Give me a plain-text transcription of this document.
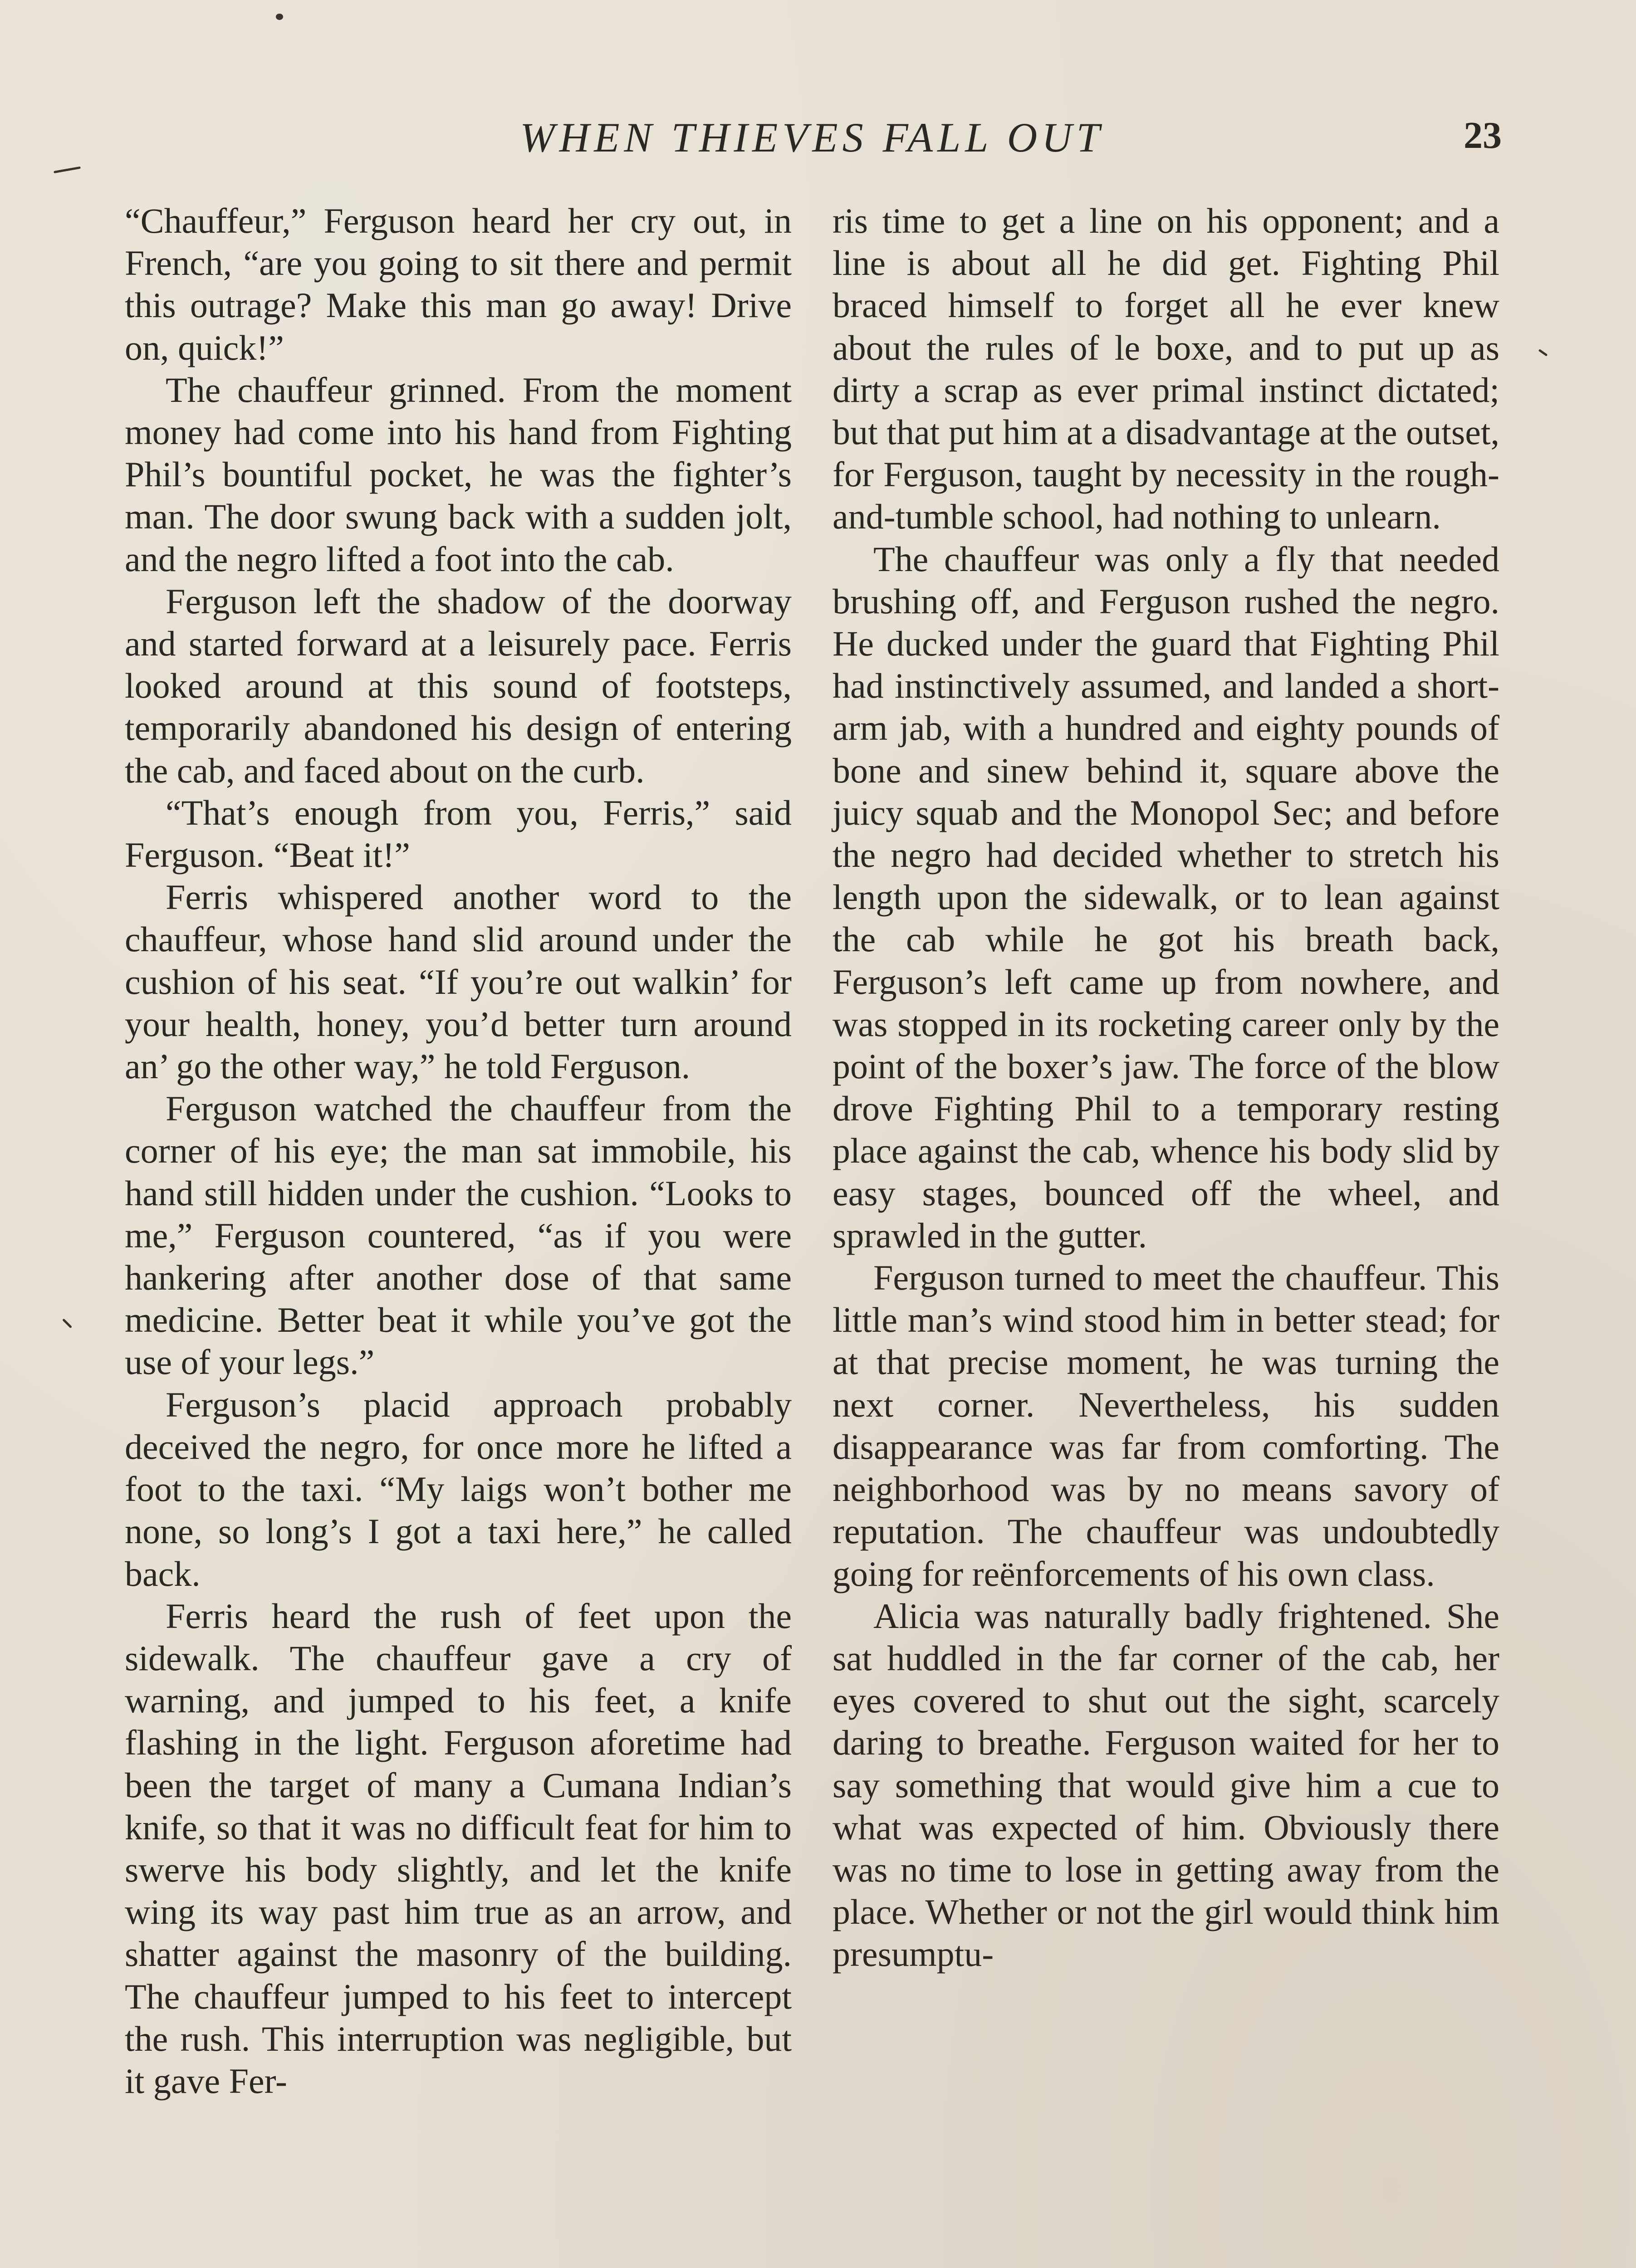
WHEN THIEVES FALL OUT	23

“Chauffeur,” Ferguson heard her cry out, in French, “are you going to sit there and permit this outrage? Make this man go away! Drive on, quick!”

The chauffeur grinned. From the moment money had come into his hand from Fighting Phil’s bountiful pocket, he was the fighter’s man. The door swung back with a sudden jolt, and the negro lifted a foot into the cab.

Ferguson left the shadow of the doorway and started forward at a leisurely pace. Ferris looked around at this sound of footsteps, temporarily abandoned his design of entering the cab, and faced about on the curb.

“That’s enough from you, Ferris,” said Ferguson. “Beat it!”

Ferris whispered another word to the chauffeur, whose hand slid around under the cushion of his seat. “If you’re out walkin’ for your health, honey, you’d better turn around an’ go the other way,” he told Ferguson.

Ferguson watched the chauffeur from the corner of his eye; the man sat immobile, his hand still hidden under the cushion. “Looks to me,” Ferguson countered, “as if you were hankering after another dose of that same medicine. Better beat it while you’ve got the use of your legs.”

Ferguson’s placid approach probably deceived the negro, for once more he lifted a foot to the taxi. “My laigs won’t bother me none, so long’s I got a taxi here,” he called back.

Ferris heard the rush of feet upon the sidewalk. The chauffeur gave a cry of warning, and jumped to his feet, a knife flashing in the light. Ferguson aforetime had been the target of many a Cumana Indian’s knife, so that it was no difficult feat for him to swerve his body slightly, and let the knife wing its way past him true as an arrow, and shatter against the masonry of the building. The chauffeur jumped to his feet to intercept the rush. This interruption was negligible, but it gave Fer-

ris time to get a line on his opponent; and a line is about all he did get. Fighting Phil braced himself to forget all he ever knew about the rules of le boxe, and to put up as dirty a scrap as ever primal instinct dictated; but that put him at a disadvantage at the outset, for Ferguson, taught by necessity in the rough-and-tumble school, had nothing to unlearn.

The chauffeur was only a fly that needed brushing off, and Ferguson rushed the negro. He ducked under the guard that Fighting Phil had instinctively assumed, and landed a short-arm jab, with a hundred and eighty pounds of bone and sinew behind it, square above the juicy squab and the Monopol Sec; and before the negro had decided whether to stretch his length upon the sidewalk, or to lean against the cab while he got his breath back, Ferguson’s left came up from nowhere, and was stopped in its rocketing career only by the point of the boxer’s jaw. The force of the blow drove Fighting Phil to a temporary resting place against the cab, whence his body slid by easy stages, bounced off the wheel, and sprawled in the gutter.

Ferguson turned to meet the chauffeur. This little man’s wind stood him in better stead; for at that precise moment, he was turning the next corner. Nevertheless, his sudden disappearance was far from comforting. The neighborhood was by no means savory of reputation. The chauffeur was undoubtedly going for reënforcements of his own class.

Alicia was naturally badly frightened. She sat huddled in the far corner of the cab, her eyes covered to shut out the sight, scarcely daring to breathe. Ferguson waited for her to say something that would give him a cue to what was expected of him. Obviously there was no time to lose in getting away from the place. Whether or not the girl would think him presumptu-
